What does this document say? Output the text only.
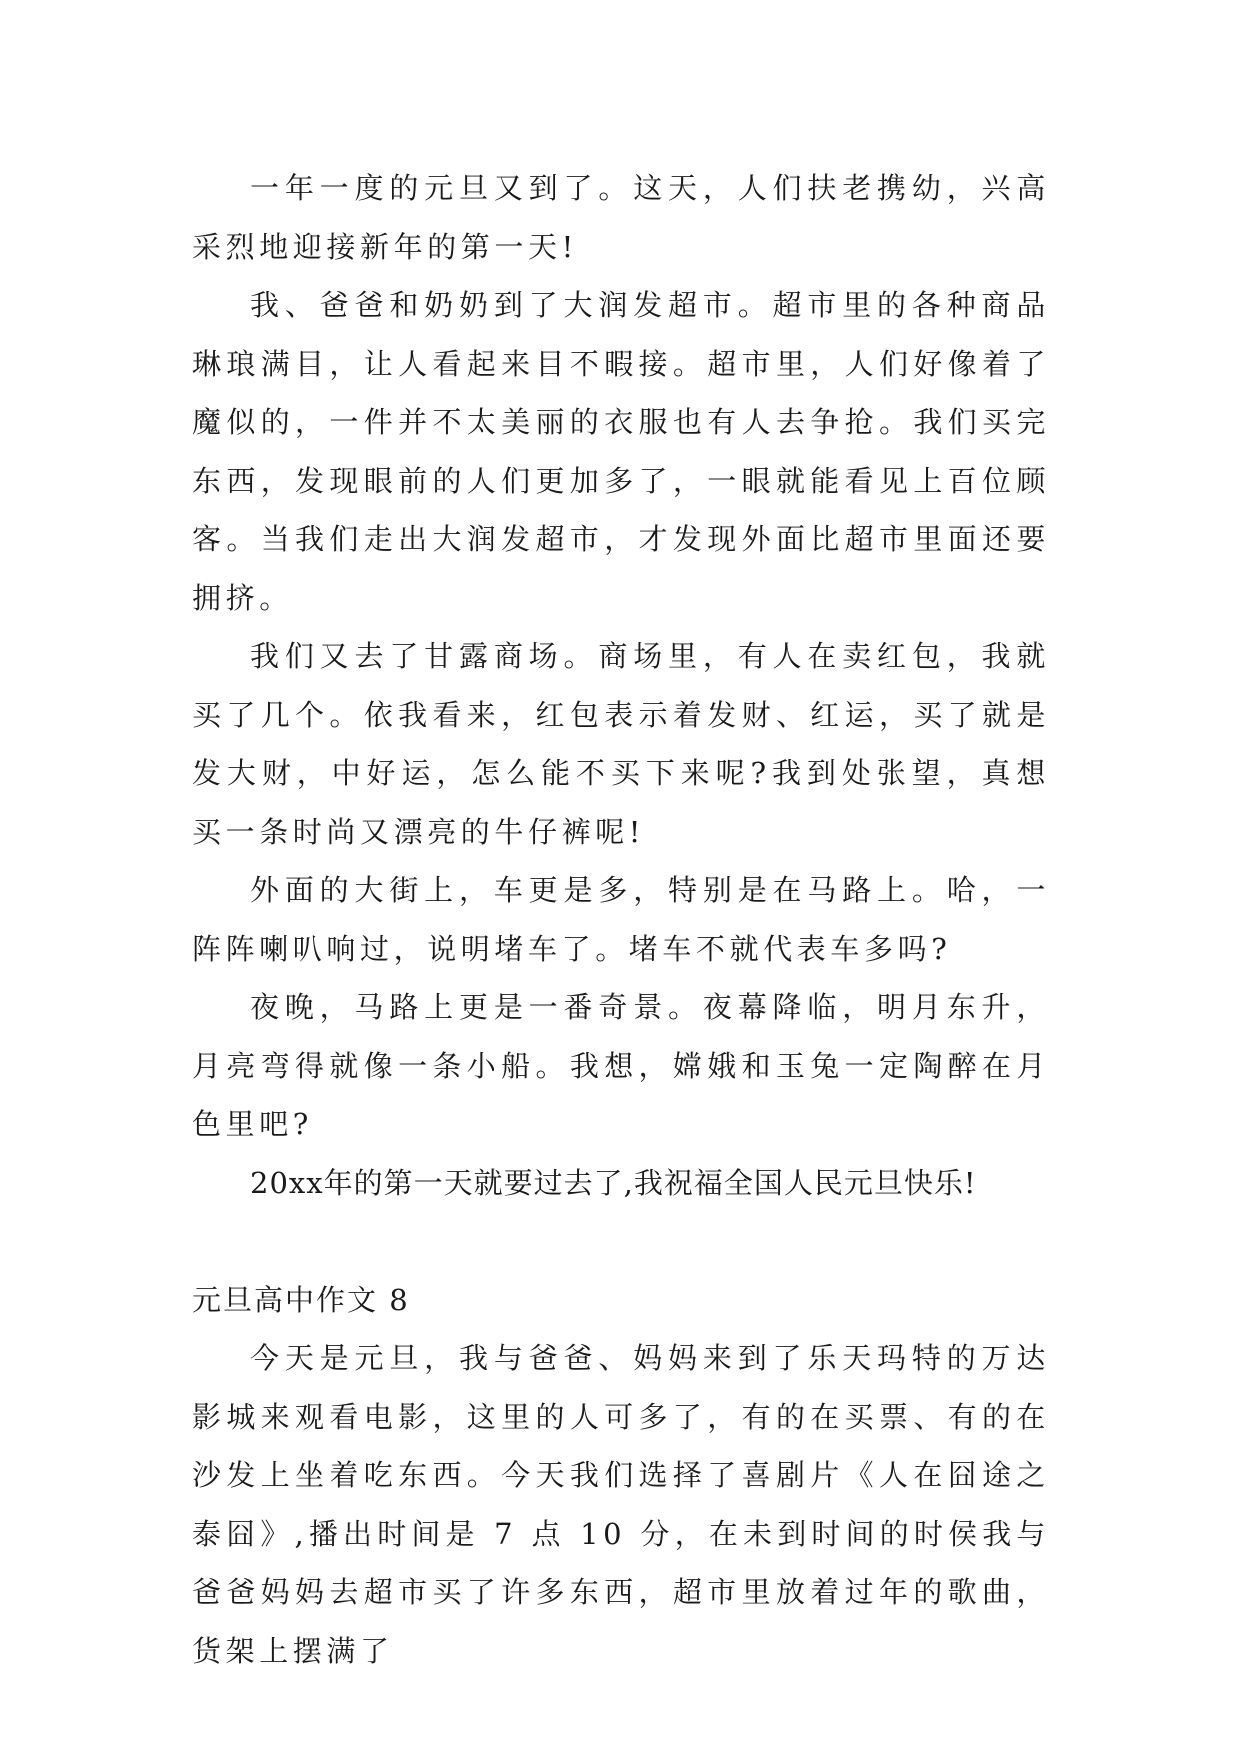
一年一度的元旦又到了。这天，人们扶老携幼，兴高采烈地迎接新年的第一天!

我、爸爸和奶奶到了大润发超市。超市里的各种商品琳琅满目，让人看起来目不暇接。超市里，人们好像着了魔似的，一件并不太美丽的衣服也有人去争抢。我们买完东西，发现眼前的人们更加多了，一眼就能看见上百位顾客。当我们走出大润发超市，才发现外面比超市里面还要拥挤。

我们又去了甘露商场。商场里，有人在卖红包，我就买了几个。依我看来，红包表示着发财、红运，买了就是发大财，中好运，怎么能不买下来呢?我到处张望，真想买一条时尚又漂亮的牛仔裤呢!

外面的大街上，车更是多，特别是在马路上。哈，一阵阵喇叭响过，说明堵车了。堵车不就代表车多吗?

夜晚，马路上更是一番奇景。夜幕降临，明月东升，月亮弯得就像一条小船。我想，嫦娥和玉兔一定陶醉在月色里吧?

20xx年的第一天就要过去了,我祝福全国人民元旦快乐!

元旦高中作文 8

今天是元旦，我与爸爸、妈妈来到了乐天玛特的万达影城来观看电影，这里的人可多了，有的在买票、有的在沙发上坐着吃东西。今天我们选择了喜剧片《人在囧途之泰囧》,播出时间是 7 点 10 分，在未到时间的时侯我与爸爸妈妈去超市买了许多东西，超市里放着过年的歌曲，货架上摆满了
